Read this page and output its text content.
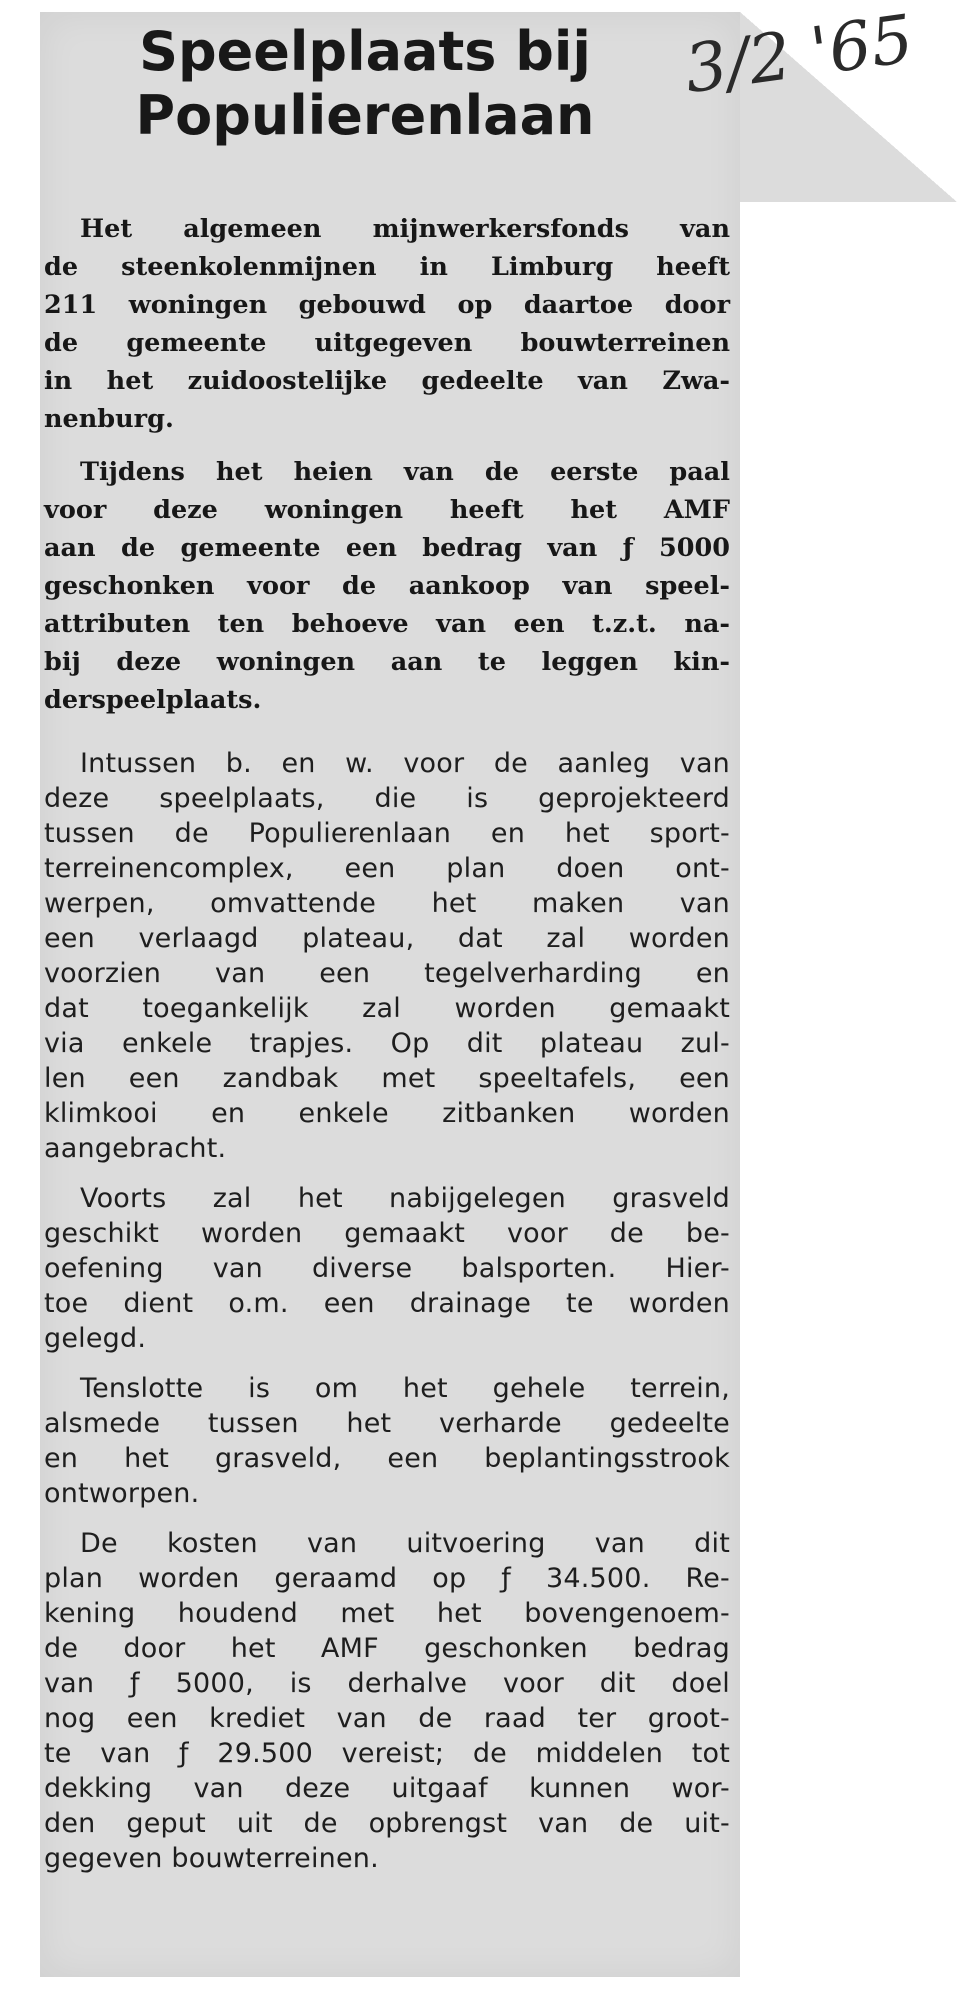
Speelplaats bij
Populierenlaan
3/2 '65
Het algemeen mijnwerkersfonds van
de steenkolenmijnen in Limburg heeft
211 woningen gebouwd op daartoe door
de gemeente uitgegeven bouwterreinen
in het zuidoostelijke gedeelte van Zwa-
nenburg.
Tijdens het heien van de eerste paal
voor deze woningen heeft het AMF
aan de gemeente een bedrag van ƒ 5000
geschonken voor de aankoop van speel-
attributen ten behoeve van een t.z.t. na-
bij deze woningen aan te leggen kin-
derspeelplaats.
Intussen b. en w. voor de aanleg van
deze speelplaats, die is geprojekteerd
tussen de Populierenlaan en het sport-
terreinencomplex, een plan doen ont-
werpen, omvattende het maken van
een verlaagd plateau, dat zal worden
voorzien van een tegelverharding en
dat toegankelijk zal worden gemaakt
via enkele trapjes. Op dit plateau zul-
len een zandbak met speeltafels, een
klimkooi en enkele zitbanken worden
aangebracht.
Voorts zal het nabijgelegen grasveld
geschikt worden gemaakt voor de be-
oefening van diverse balsporten. Hier-
toe dient o.m. een drainage te worden
gelegd.
Tenslotte is om het gehele terrein,
alsmede tussen het verharde gedeelte
en het grasveld, een beplantingsstrook
ontworpen.
De kosten van uitvoering van dit
plan worden geraamd op ƒ 34.500. Re-
kening houdend met het bovengenoem-
de door het AMF geschonken bedrag
van ƒ 5000, is derhalve voor dit doel
nog een krediet van de raad ter groot-
te van ƒ 29.500 vereist; de middelen tot
dekking van deze uitgaaf kunnen wor-
den geput uit de opbrengst van de uit-
gegeven bouwterreinen.
